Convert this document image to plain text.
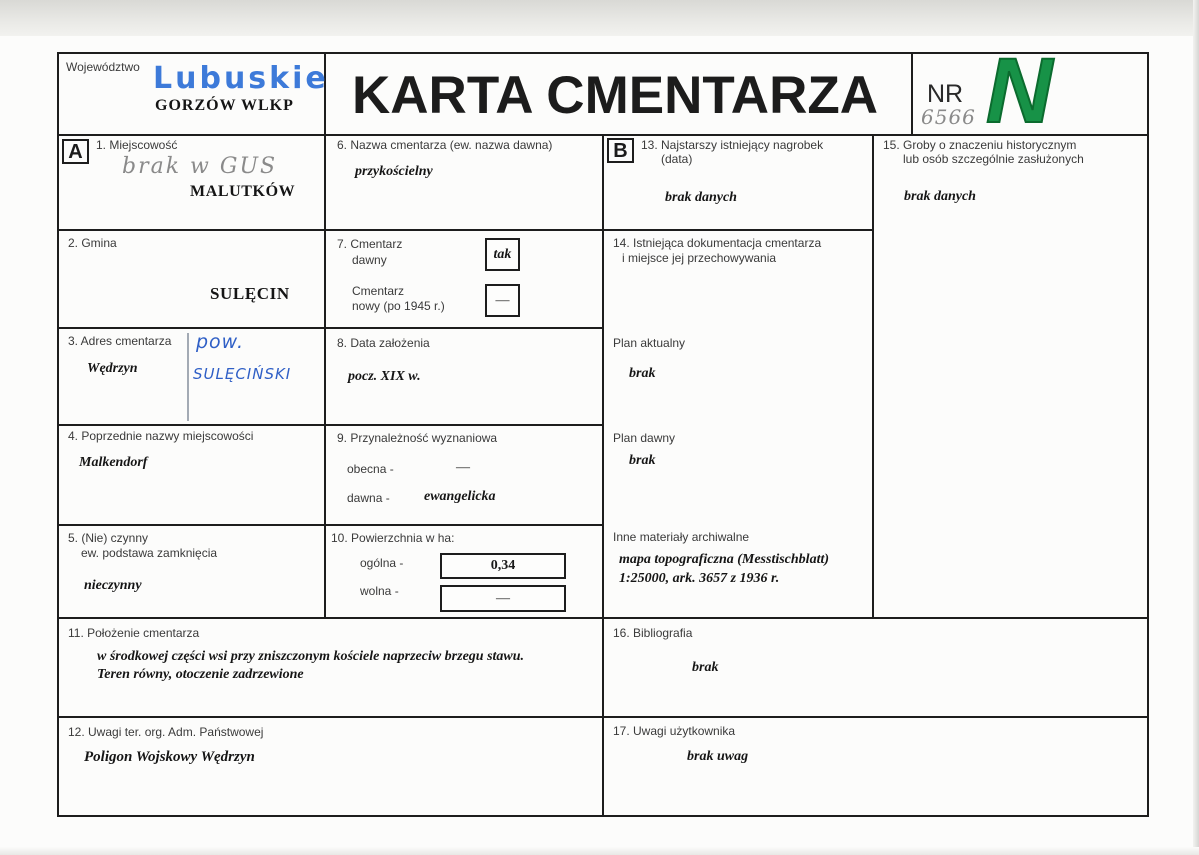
Województwo Lubuskie
GORZÓW WLKP KARTA CMENTARZA NR
6566 N
A	1. Miejscowość
brak w GUS
MALUTKÓW
2. Gmina
SULĘCIN
3. Adres cmentarza pow.
SULĘCIŃSKI
Wędrzyn
4. Poprzednie nazwy miejscowości
Malkendorf
5. (Nie) czynny
ew. podstawa zamknięcia
nieczynny
6. Nazwa cmentarza (ew. nazwa dawna)
przykościelny
7. Cmentarz
dawny	tak
Cmentarz
nowy (po 1945 r.)	—
8. Data założenia
pocz. XIX w.
9. Przynależność wyznaniowa
obecna -	—
dawna - ewangelicka
10. Powierzchnia w ha:
ogólna -	0,34
wolna -	—
11. Położenie cmentarza
w środkowej części wsi przy zniszczonym kościele naprzeciw brzegu stawu.
Teren równy, otoczenie zadrzewione
12. Uwagi ter. org. Adm. Państwowej
Poligon Wojskowy Wędrzyn
B	13. Najstarszy istniejący nagrobek
(data)
brak danych
14. Istniejąca dokumentacja cmentarza
i miejsce jej przechowywania
Plan aktualny
brak
Plan dawny
brak
Inne materiały archiwalne
mapa topograficzna (Messtischblatt)
1:25000, ark. 3657 z 1936 r.
15. Groby o znaczeniu historycznym
lub osób szczególnie zasłużonych
brak danych
16. Bibliografia
brak
17. Uwagi użytkownika
brak uwag
